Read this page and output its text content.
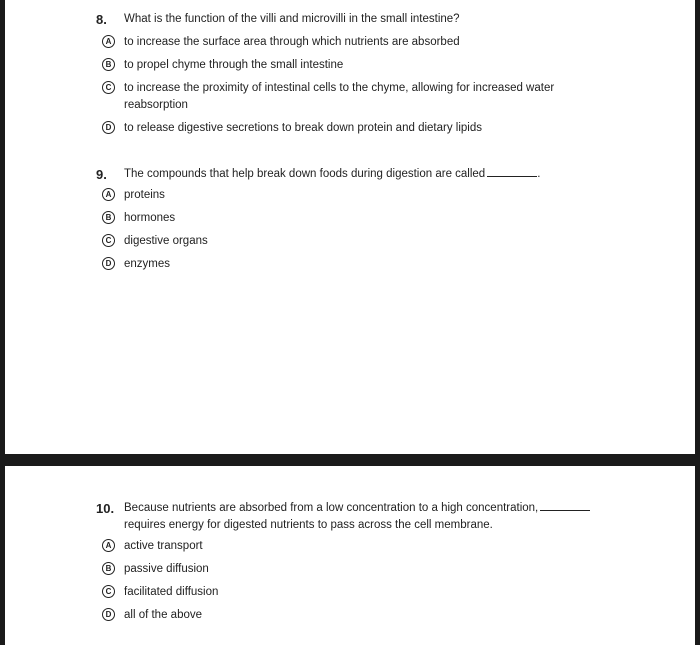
8. What is the function of the villi and microvilli in the small intestine?
A	to increase the surface area through which nutrients are absorbed
B	to propel chyme through the small intestine
C	to increase the proximity of intestinal cells to the chyme, allowing for increased water reabsorption
D	to release digestive secretions to break down protein and dietary lipids
9. The compounds that help break down foods during digestion are called	.
A	proteins
B	hormones
C	digestive organs
D	enzymes
10. Because nutrients are absorbed from a low concentration to a high concentration,
requires energy for digested nutrients to pass across the cell membrane.
A	active transport
B	passive diffusion
C	facilitated diffusion
D	all of the above
